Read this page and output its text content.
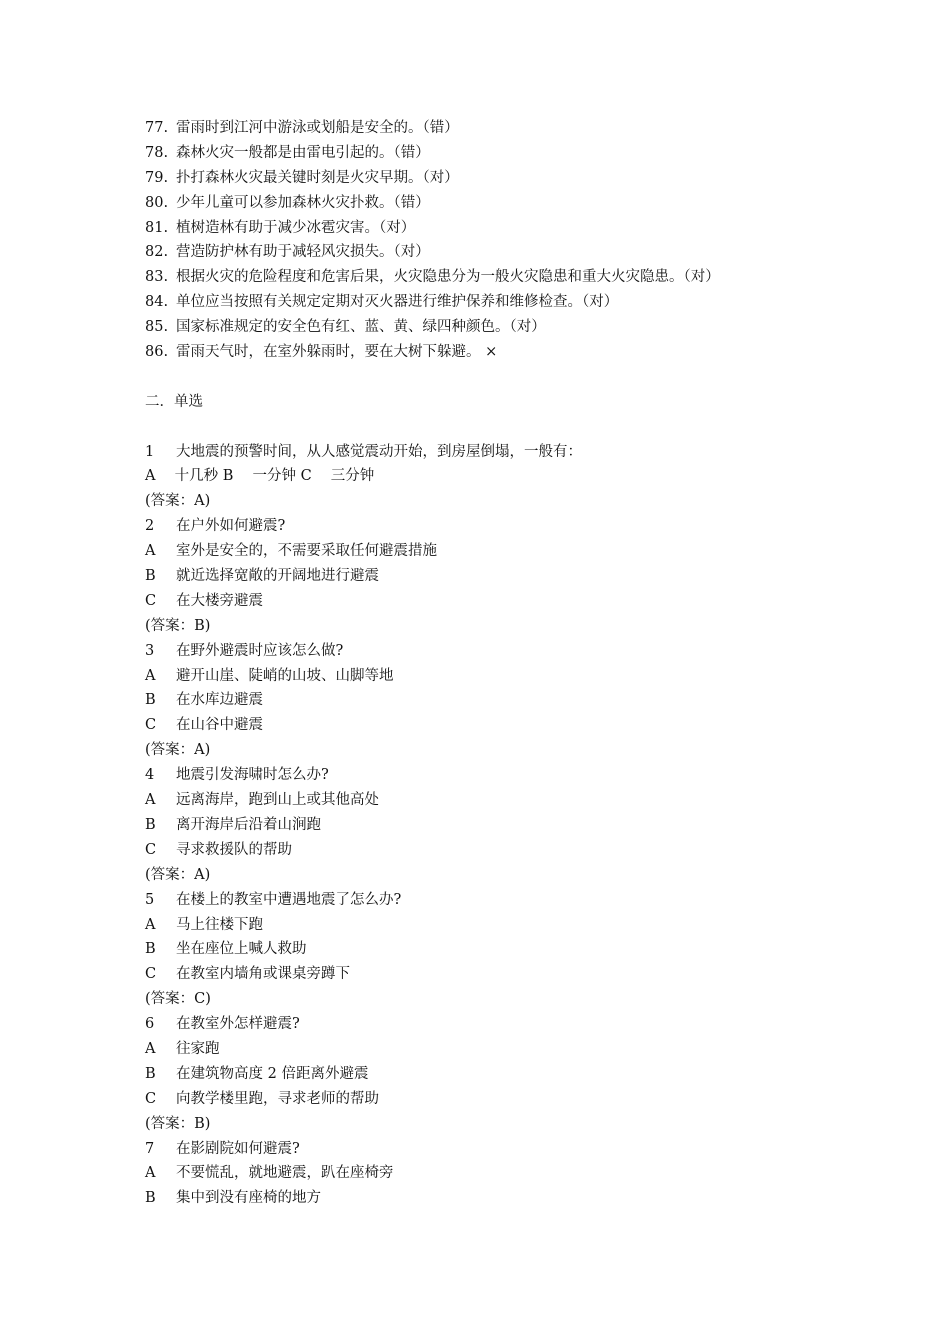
77. 雷雨时到江河中游泳或划船是安全的。（错）
78. 森林火灾一般都是由雷电引起的。（错）
79. 扑打森林火灾最关键时刻是火灾早期。（对）
80. 少年儿童可以参加森林火灾扑救。（错）
81. 植树造林有助于减少冰雹灾害。（对）
82. 营造防护林有助于减轻风灾损失。（对）
83. 根据火灾的危险程度和危害后果，火灾隐患分为一般火灾隐患和重大火灾隐患。（对）
84. 单位应当按照有关规定定期对灭火器进行维护保养和维修检查。（对）
85. 国家标准规定的安全色有红、蓝、黄、绿四种颜色。（对）
86. 雷雨天气时，在室外躲雨时，要在大树下躲避。 ×
二．单选
1 大地震的预警时间，从人感觉震动开始，到房屋倒塌，一般有：
A　 十几秒 B　 一分钟 C　 三分钟
(答案：A)
2 在户外如何避震?
A 室外是安全的，不需要采取任何避震措施
B 就近选择宽敞的开阔地进行避震
C 在大楼旁避震
(答案：B)
3 在野外避震时应该怎么做?
A 避开山崖、陡峭的山坡、山脚等地
B 在水库边避震
C 在山谷中避震
(答案：A)
4 地震引发海啸时怎么办?
A 远离海岸，跑到山上或其他高处
B 离开海岸后沿着山涧跑
C 寻求救援队的帮助
(答案：A)
5 在楼上的教室中遭遇地震了怎么办?
A 马上往楼下跑
B 坐在座位上喊人救助
C 在教室内墙角或课桌旁蹲下
(答案：C)
6 在教室外怎样避震?
A 往家跑
B 在建筑物高度 2 倍距离外避震
C 向教学楼里跑，寻求老师的帮助
(答案：B)
7 在影剧院如何避震?
A 不要慌乱，就地避震，趴在座椅旁
B 集中到没有座椅的地方
